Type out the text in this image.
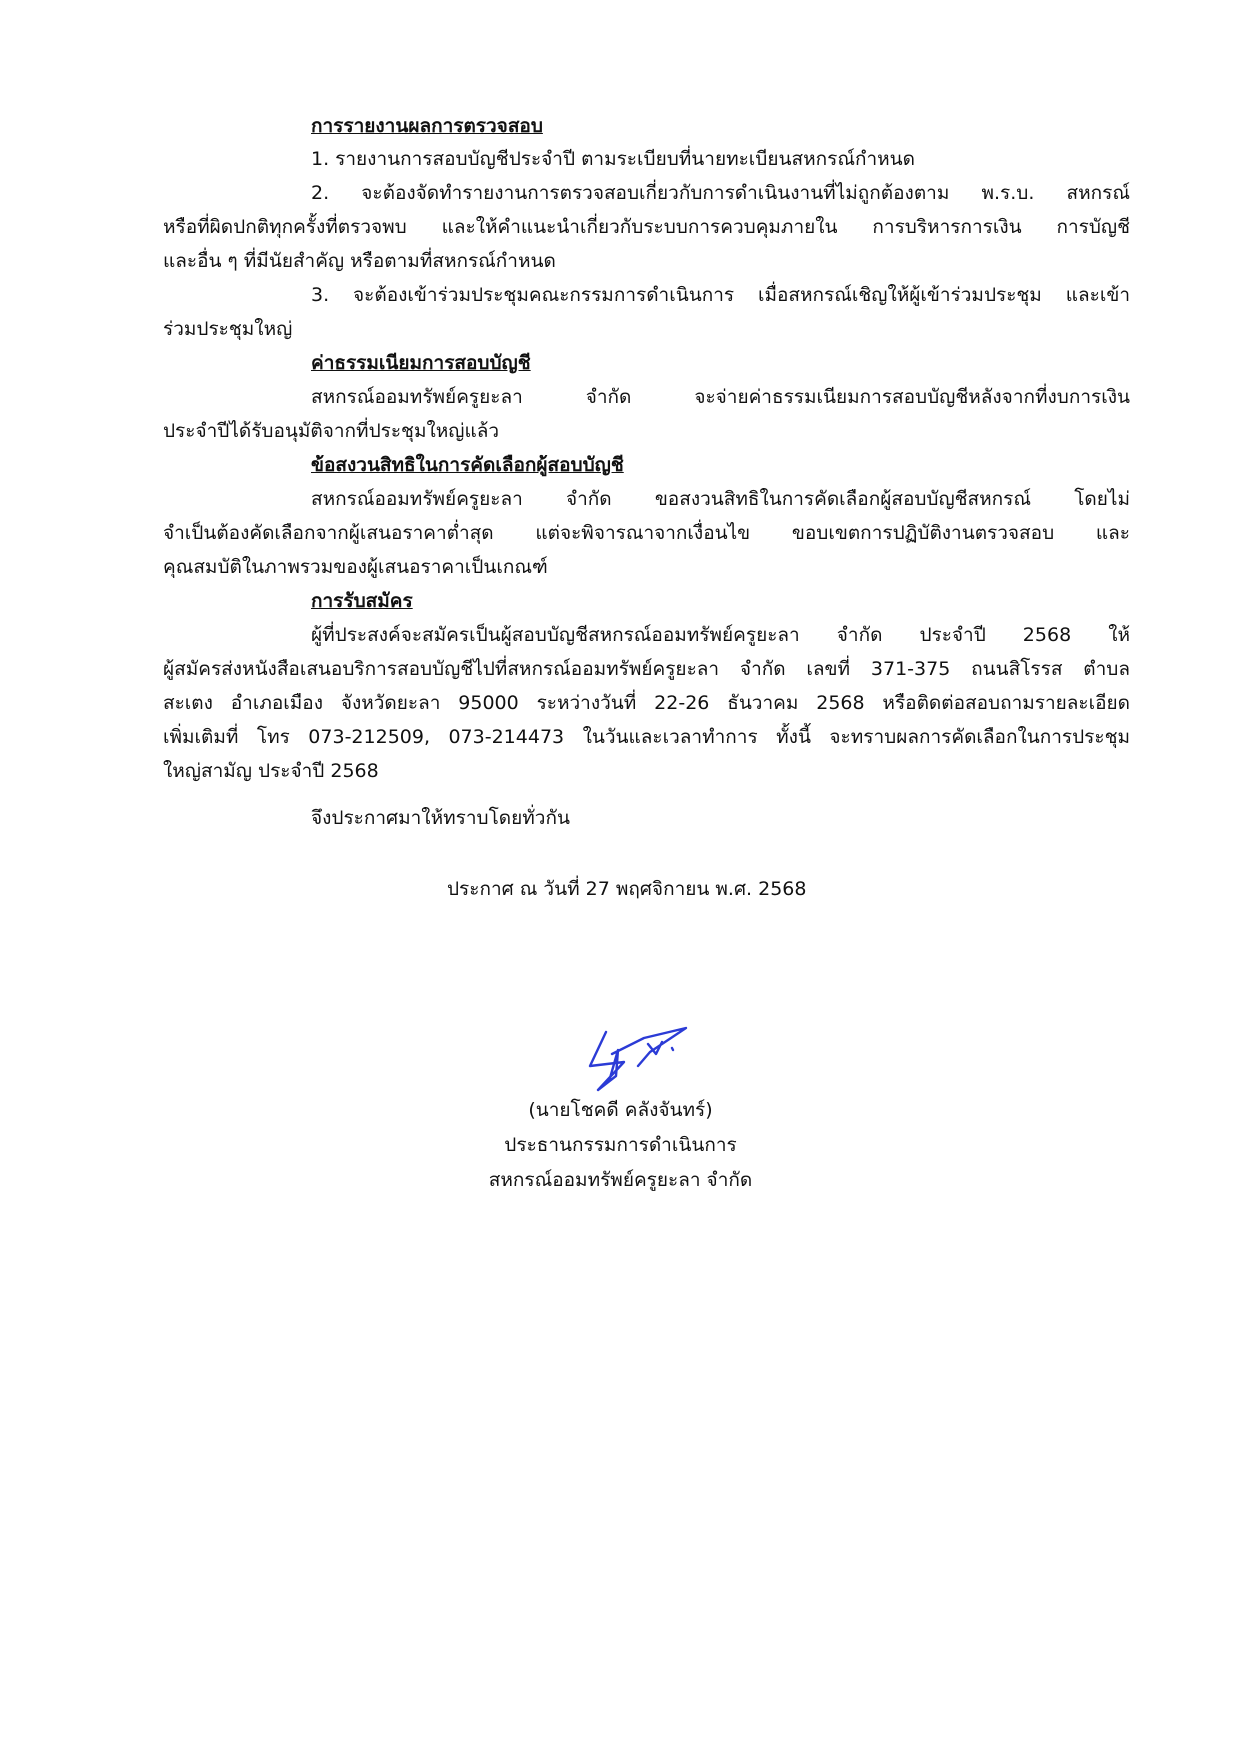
การรายงานผลการตรวจสอบ
1. รายงานการสอบบัญชีประจำปี ตามระเบียบที่นายทะเบียนสหกรณ์กำหนด
2. จะต้องจัดทำรายงานการตรวจสอบเกี่ยวกับการดำเนินงานที่ไม่ถูกต้องตาม พ.ร.บ. สหกรณ์
หรือที่ผิดปกติทุกครั้งที่ตรวจพบ และให้คำแนะนำเกี่ยวกับระบบการควบคุมภายใน การบริหารการเงิน การบัญชี
และอื่น ๆ ที่มีนัยสำคัญ หรือตามที่สหกรณ์กำหนด
3. จะต้องเข้าร่วมประชุมคณะกรรมการดำเนินการ เมื่อสหกรณ์เชิญให้ผู้เข้าร่วมประชุม และเข้า
ร่วมประชุมใหญ่
ค่าธรรมเนียมการสอบบัญชี
สหกรณ์ออมทรัพย์ครูยะลา จำกัด จะจ่ายค่าธรรมเนียมการสอบบัญชีหลังจากที่งบการเงิน
ประจำปีได้รับอนุมัติจากที่ประชุมใหญ่แล้ว
ข้อสงวนสิทธิในการคัดเลือกผู้สอบบัญชี
สหกรณ์ออมทรัพย์ครูยะลา จำกัด ขอสงวนสิทธิในการคัดเลือกผู้สอบบัญชีสหกรณ์ โดยไม่
จำเป็นต้องคัดเลือกจากผู้เสนอราคาต่ำสุด แต่จะพิจารณาจากเงื่อนไข ขอบเขตการปฏิบัติงานตรวจสอบ และ
คุณสมบัติในภาพรวมของผู้เสนอราคาเป็นเกณฑ์
การรับสมัคร
ผู้ที่ประสงค์จะสมัครเป็นผู้สอบบัญชีสหกรณ์ออมทรัพย์ครูยะลา จำกัด ประจำปี 2568 ให้
ผู้สมัครส่งหนังสือเสนอบริการสอบบัญชีไปที่สหกรณ์ออมทรัพย์ครูยะลา จำกัด เลขที่ 371-375 ถนนสิโรรส ตำบล
สะเตง อำเภอเมือง จังหวัดยะลา 95000 ระหว่างวันที่ 22-26 ธันวาคม 2568 หรือติดต่อสอบถามรายละเอียด
เพิ่มเติมที่ โทร 073-212509, 073-214473 ในวันและเวลาทำการ ทั้งนี้ จะทราบผลการคัดเลือกในการประชุม
ใหญ่สามัญ ประจำปี 2568
จึงประกาศมาให้ทราบโดยทั่วกัน
ประกาศ ณ วันที่ 27 พฤศจิกายน พ.ศ. 2568
(นายโชคดี คลังจันทร์)
ประธานกรรมการดำเนินการ
สหกรณ์ออมทรัพย์ครูยะลา จำกัด
